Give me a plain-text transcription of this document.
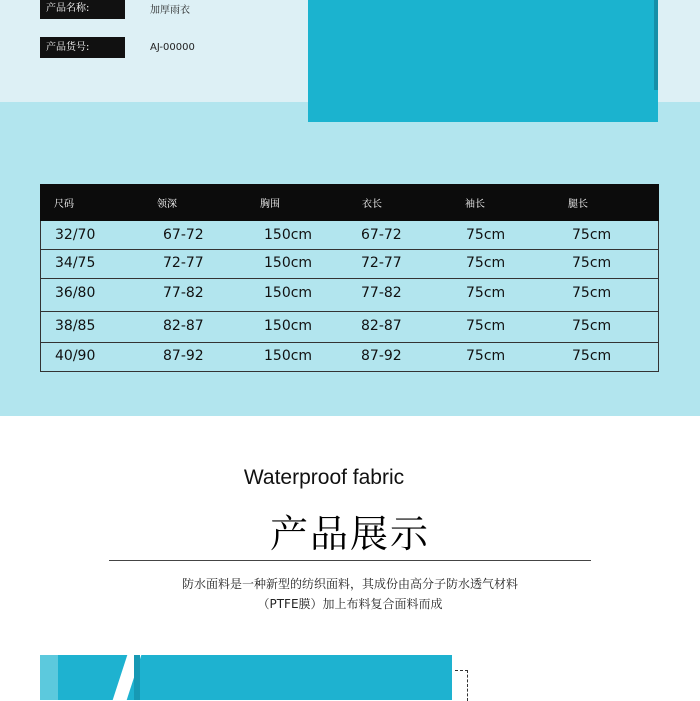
产品名称:	加厚雨衣
产品货号:	AJ-00000
尺码	领深	胸围	衣长	袖长	腿长
32/70	67-72	150cm	67-72	75cm	75cm
34/75	72-77	150cm	72-77	75cm	75cm
36/80	77-82	150cm	77-82	75cm	75cm
38/85	82-87	150cm	82-87	75cm	75cm
40/90	87-92	150cm	87-92	75cm	75cm
Waterproof fabric
产品展示
防水面料是一种新型的纺织面料，其成份由高分子防水透气材料
（PTFE膜）加上布料复合面料而成
